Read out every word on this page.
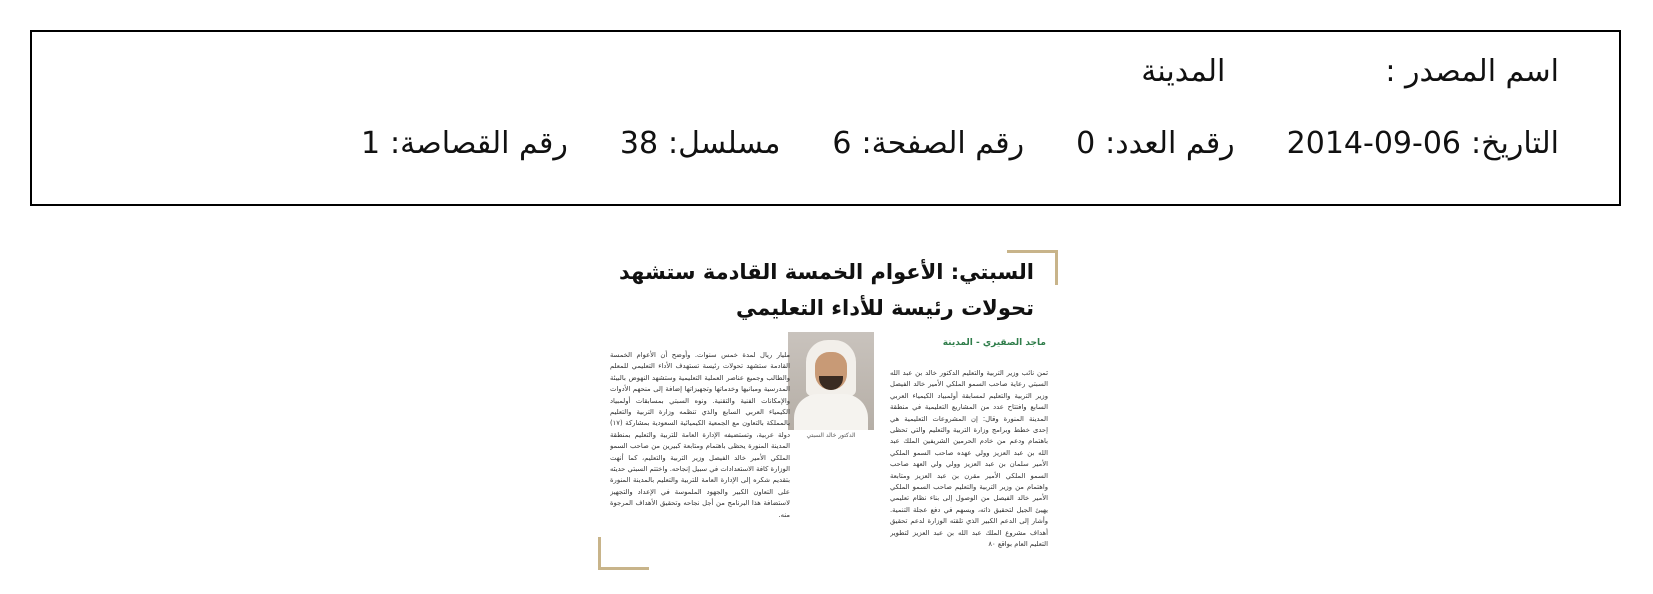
اسم المصدر :المدينة
التاريخ:2014-09-06رقم العدد:0رقم الصفحة:6مسلسل:38رقم القصاصة:1
السبتي: الأعوام الخمسة القادمة ستشهد تحولات رئيسة للأداء التعليمي
ماجد الصقيري - المدينة
ثمن نائب وزير التربية والتعليم الدكتور خالد بن عبد الله السبتي رعاية صاحب السمو الملكي الأمير خالد الفيصل وزير التربية والتعليم لمسابقة أولمبياد الكيمياء العربي السابع وافتتاح عدد من المشاريع التعليمية في منطقة المدينة المنورة وقال: إن المشروعات التعليمية هي إحدى خطط وبرامج وزارة التربية والتعليم والتي تحظى باهتمام ودعم من خادم الحرمين الشريفين الملك عبد الله بن عبد العزيز وولي عهده صاحب السمو الملكي الأمير سلمان بن عبد العزيز وولي ولي العهد صاحب السمو الملكي الأمير مقرن بن عبد العزيز ومتابعة واهتمام من وزير التربية والتعليم صاحب السمو الملكي الأمير خالد الفيصل من الوصول إلى بناء نظام تعليمي يهيئ الجيل لتحقيق ذاته، ويسهم في دفع عجلة التنمية. وأشار إلى الدعم الكبير الذي تلقته الوزارة لدعم تحقيق أهداف مشروع الملك عبد الله بن عبد العزيز لتطوير التعليم العام بواقع ٨٠
الدكتور خالد السبتي
مليار ريال لمدة خمس سنوات. وأوضح أن الأعوام الخمسة القادمة ستشهد تحولات رئيسة تستهدف الأداء التعليمي للمعلم والطالب وجميع عناصر العملية التعليمية وستشهد النهوض بالبيئة المدرسية ومبانيها وخدماتها وتجهيزاتها إضافة إلى منحهم الأدوات والإمكانات الفنية والتقنية. ونوه السبتي بمسابقات أولمبياد الكيمياء العربي السابع والذي تنظمه وزارة التربية والتعليم بالمملكة بالتعاون مع الجمعية الكيميائية السعودية بمشاركة (١٧) دولة عربية، وتستضيفه الإدارة العامة للتربية والتعليم بمنطقة المدينة المنورة يحظى باهتمام ومتابعة كبيرين من صاحب السمو الملكي الأمير خالد الفيصل وزير التربية والتعليم، كما أنهت الوزارة كافة الاستعدادات في سبيل إنجاحه. واختتم السبتي حديثه بتقديم شكره إلى الإدارة العامة للتربية والتعليم بالمدينة المنورة على التعاون الكبير والجهود الملموسة في الإعداد والتجهيز لاستضافة هذا البرنامج من أجل نجاحه وتحقيق الأهداف المرجوة منه.
